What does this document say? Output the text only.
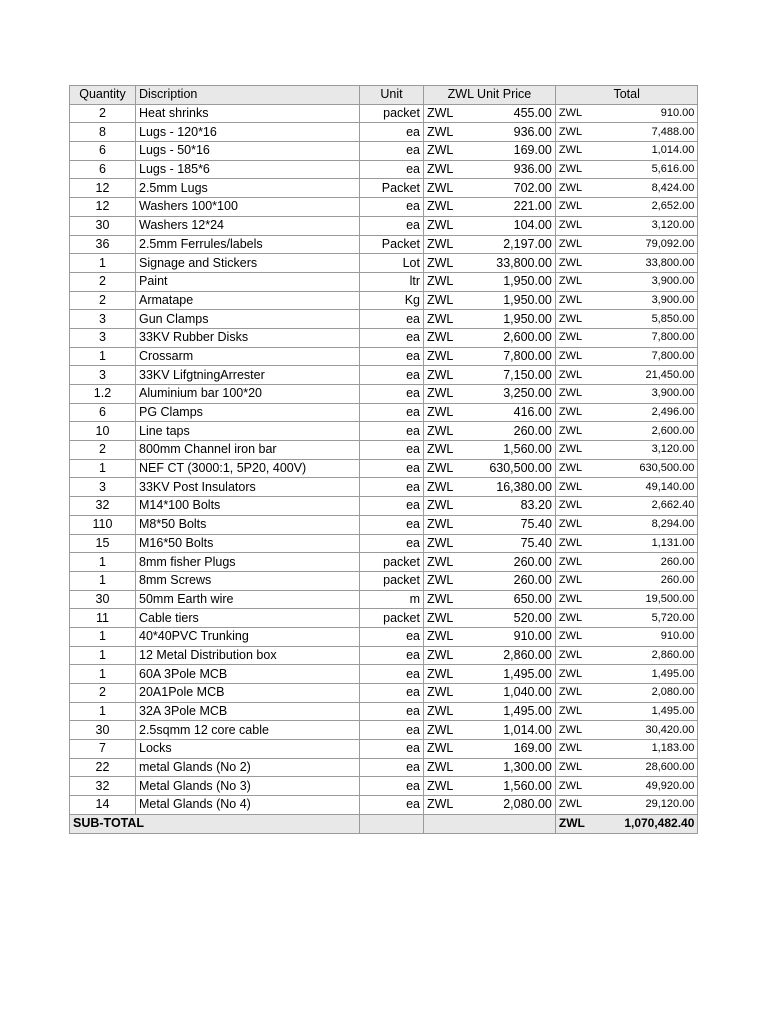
Quantity	Discription	Unit	ZWL Unit Price		Total	
2	Heat shrinks	packet	ZWL	455.00	ZWL	910.00
8	Lugs - 120*16	ea	ZWL	936.00	ZWL	7,488.00
6	Lugs - 50*16	ea	ZWL	169.00	ZWL	1,014.00
6	Lugs - 185*6	ea	ZWL	936.00	ZWL	5,616.00
12	2.5mm Lugs	Packet	ZWL	702.00	ZWL	8,424.00
12	Washers 100*100	ea	ZWL	221.00	ZWL	2,652.00
30	Washers 12*24	ea	ZWL	104.00	ZWL	3,120.00
36	2.5mm Ferrules/labels	Packet	ZWL	2,197.00	ZWL	79,092.00
1	Signage and Stickers	Lot	ZWL	33,800.00	ZWL	33,800.00
2	Paint	ltr	ZWL	1,950.00	ZWL	3,900.00
2	Armatape	Kg	ZWL	1,950.00	ZWL	3,900.00
3	Gun Clamps	ea	ZWL	1,950.00	ZWL	5,850.00
3	33KV Rubber Disks	ea	ZWL	2,600.00	ZWL	7,800.00
1	Crossarm	ea	ZWL	7,800.00	ZWL	7,800.00
3	33KV LifgtningArrester	ea	ZWL	7,150.00	ZWL	21,450.00
1.2	Aluminium bar 100*20	ea	ZWL	3,250.00	ZWL	3,900.00
6	PG Clamps	ea	ZWL	416.00	ZWL	2,496.00
10	Line taps	ea	ZWL	260.00	ZWL	2,600.00
2	800mm Channel iron bar	ea	ZWL	1,560.00	ZWL	3,120.00
1	NEF CT (3000:1, 5P20, 400V)	ea	ZWL	630,500.00	ZWL	630,500.00
3	33KV Post Insulators	ea	ZWL	16,380.00	ZWL	49,140.00
32	M14*100 Bolts	ea	ZWL	83.20	ZWL	2,662.40
110	M8*50 Bolts	ea	ZWL	75.40	ZWL	8,294.00
15	M16*50 Bolts	ea	ZWL	75.40	ZWL	1,131.00
1	8mm fisher Plugs	packet	ZWL	260.00	ZWL	260.00
1	8mm Screws	packet	ZWL	260.00	ZWL	260.00
30	50mm Earth wire	m	ZWL	650.00	ZWL	19,500.00
11	Cable tiers	packet	ZWL	520.00	ZWL	5,720.00
1	40*40PVC Trunking	ea	ZWL	910.00	ZWL	910.00
1	12 Metal Distribution box	ea	ZWL	2,860.00	ZWL	2,860.00
1	60A 3Pole MCB	ea	ZWL	1,495.00	ZWL	1,495.00
2	20A1Pole MCB	ea	ZWL	1,040.00	ZWL	2,080.00
1	32A 3Pole MCB	ea	ZWL	1,495.00	ZWL	1,495.00
30	2.5sqmm 12 core cable	ea	ZWL	1,014.00	ZWL	30,420.00
7	Locks	ea	ZWL	169.00	ZWL	1,183.00
22	metal Glands (No 2)	ea	ZWL	1,300.00	ZWL	28,600.00
32	Metal Glands (No 3)	ea	ZWL	1,560.00	ZWL	49,920.00
14	Metal Glands (No 4)	ea	ZWL	2,080.00	ZWL	29,120.00
SUB-TOTAL					ZWL	1,070,482.40
